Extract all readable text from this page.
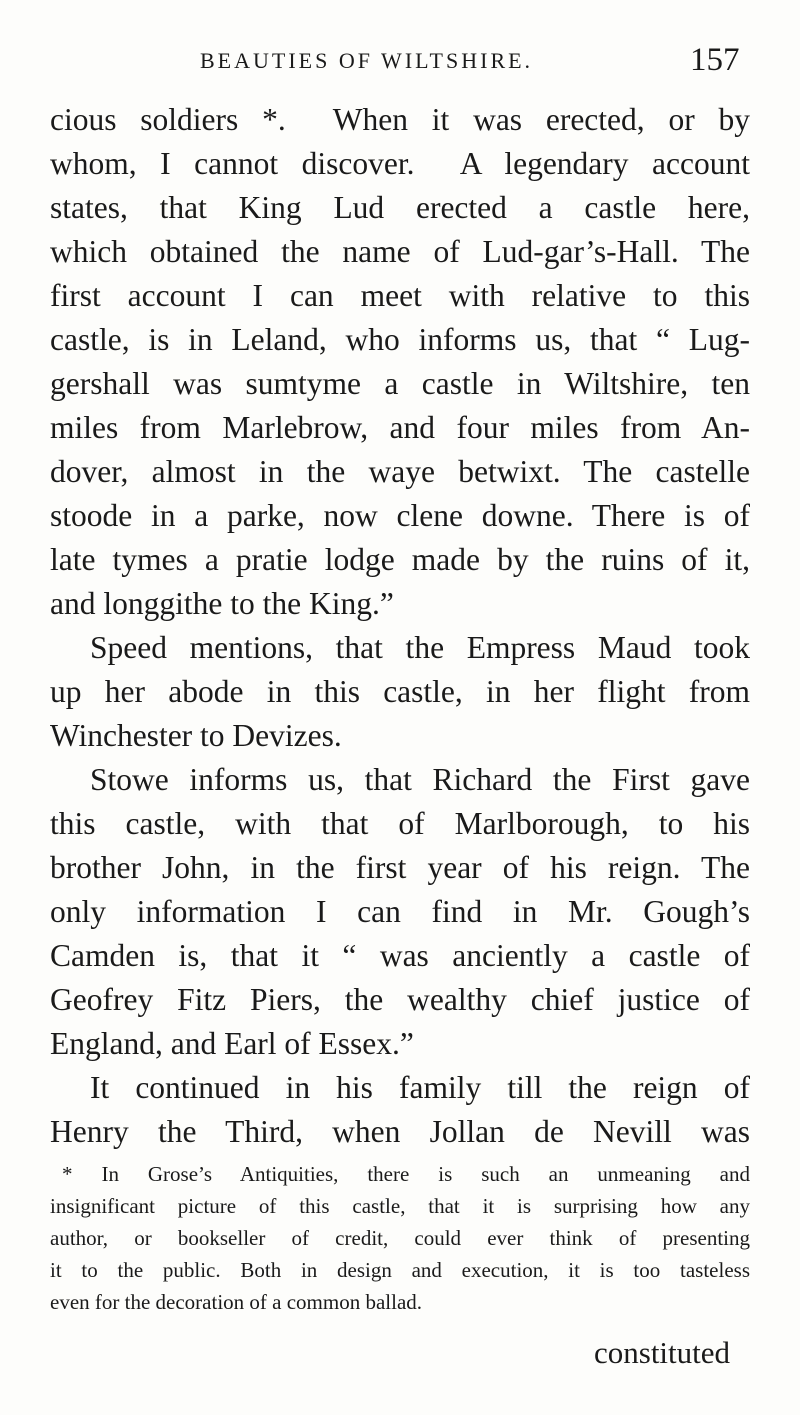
BEAUTIES OF WILTSHIRE.	157
cious soldiers *.  When it was erected, or by
whom, I cannot discover.  A legendary account
states, that King Lud erected a castle here,
which obtained the name of Lud-gar’s-Hall. The
first account I can meet with relative to this
castle, is in Leland, who informs us, that “ Lug-
gershall was sumtyme a castle in Wiltshire, ten
miles from Marlebrow, and four miles from An-
dover, almost in the waye betwixt. The castelle
stoode in a parke, now clene downe. There is of
late tymes a pratie lodge made by the ruins of it,
and longgithe to the King.”
Speed mentions, that the Empress Maud took
up her abode in this castle, in her flight from
Winchester to Devizes.
Stowe informs us, that Richard the First gave
this castle, with that of Marlborough, to his
brother John, in the first year of his reign. The
only information I can find in Mr. Gough’s
Camden is, that it “ was anciently a castle of
Geofrey Fitz Piers, the wealthy chief justice of
England, and Earl of Essex.”
It continued in his family till the reign of
Henry the Third, when Jollan de Nevill was
* In Grose’s Antiquities, there is such an unmeaning and
insignificant picture of this castle, that it is surprising how any
author, or bookseller of credit, could ever think of presenting
it to the public. Both in design and execution, it is too tasteless
even for the decoration of a common ballad.
constituted
